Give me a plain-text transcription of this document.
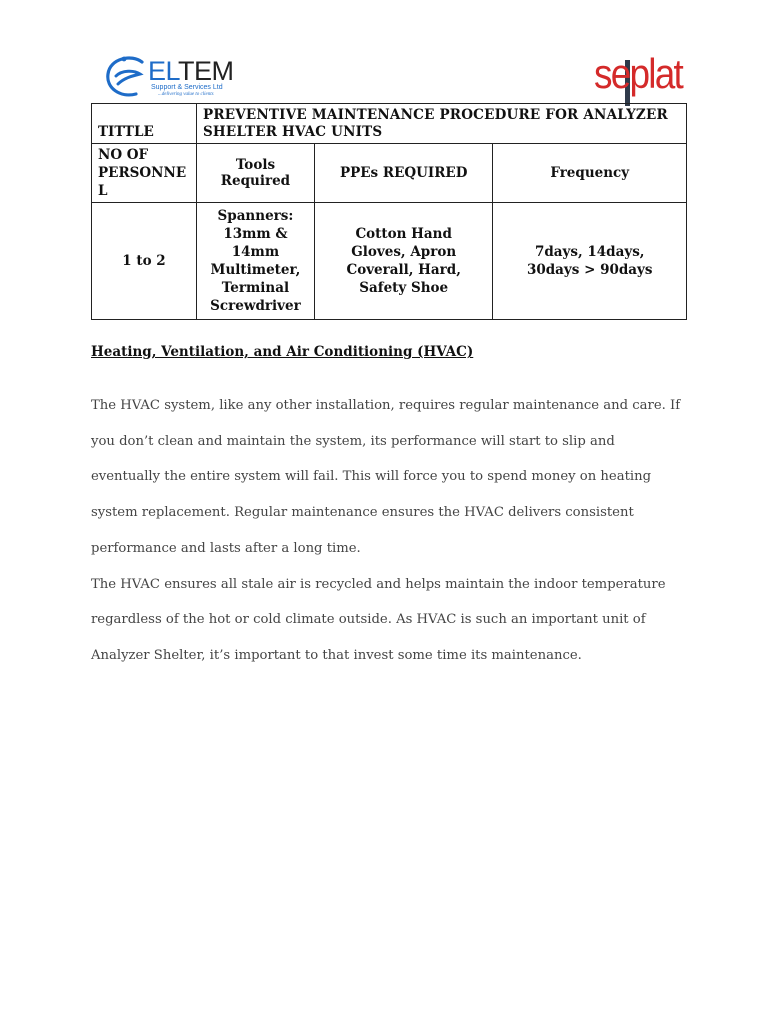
ELTEM
Support & Services Ltd
...delivering value to clients	seplat
TITTLE	PREVENTIVE MAINTENANCE PROCEDURE FOR ANALYZER SHELTER HVAC UNITS		
NO OF PERSONNE L	Tools Required	PPEs REQUIRED	Frequency
1 to 2	Spanners: 13mm & 14mm Multimeter, Terminal Screwdriver	Cotton Hand Gloves, Apron Coverall, Hard, Safety Shoe	7days, 14days, 30days > 90days
Heating, Ventilation, and Air Conditioning (HVAC)

The HVAC system, like any other installation, requires regular maintenance and care. If you don’t clean and maintain the system, its performance will start to slip and eventually the entire system will fail. This will force you to spend money on heating system replacement. Regular maintenance ensures the HVAC delivers consistent performance and lasts after a long time.

The HVAC ensures all stale air is recycled and helps maintain the indoor temperature regardless of the hot or cold climate outside. As HVAC is such an important unit of Analyzer Shelter, it’s important to that invest some time its maintenance.
